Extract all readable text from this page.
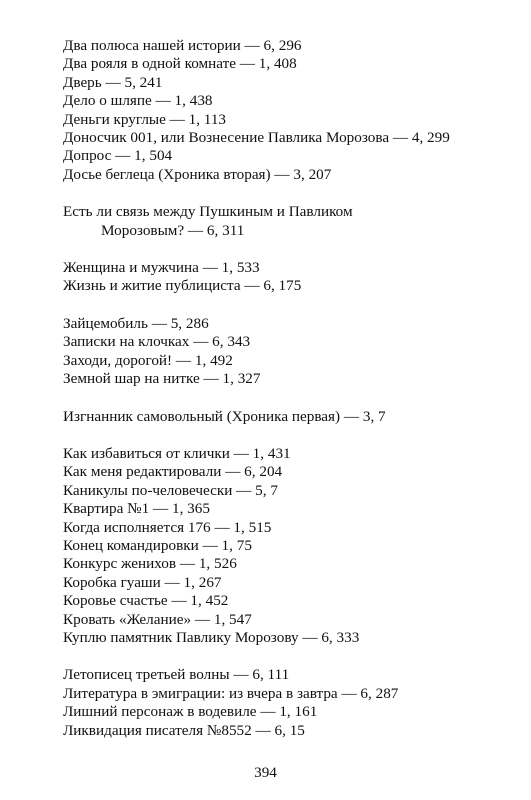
Два полюса нашей истории — 6, 296
Два рояля в одной комнате — 1, 408
Дверь — 5, 241
Дело о шляпе — 1, 438
Деньги круглые — 1, 113
Доносчик 001, или Вознесение Павлика Морозова — 4, 299
Допрос — 1, 504
Досье беглеца (Хроника вторая) — 3, 207
Есть ли связь между Пушкиным и Павликом
Морозовым? — 6, 311
Женщина и мужчина — 1, 533
Жизнь и житие публициста — 6, 175
Зайцемобиль — 5, 286
Записки на клочках — 6, 343
Заходи, дорогой! — 1, 492
Земной шар на нитке — 1, 327
Изгнанник самовольный (Хроника первая) — 3, 7
Как избавиться от клички — 1, 431
Как меня редактировали — 6, 204
Каникулы по-человечески — 5, 7
Квартира №1 — 1, 365
Когда исполняется 176 — 1, 515
Конец командировки — 1, 75
Конкурс женихов — 1, 526
Коробка гуаши — 1, 267
Коровье счастье — 1, 452
Кровать «Желание» — 1, 547
Куплю памятник Павлику Морозову — 6, 333
Летописец третьей волны — 6, 111
Литература в эмиграции: из вчера в завтра — 6, 287
Лишний персонаж в водевиле — 1, 161
Ликвидация писателя №8552 — 6, 15
394
